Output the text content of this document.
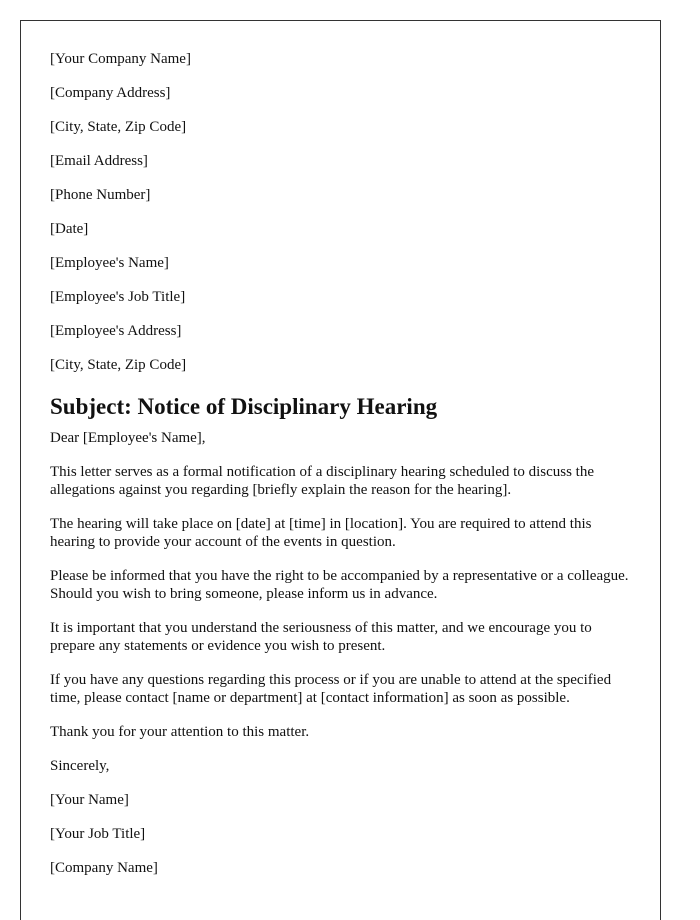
[Your Company Name]

[Company Address]

[City, State, Zip Code]

[Email Address]

[Phone Number]

[Date]

[Employee's Name]

[Employee's Job Title]

[Employee's Address]

[City, State, Zip Code]

Subject: Notice of Disciplinary Hearing

Dear [Employee's Name],

This letter serves as a formal notification of a disciplinary hearing scheduled to discuss the allegations against you regarding [briefly explain the reason for the hearing].

The hearing will take place on [date] at [time] in [location]. You are required to attend this hearing to provide your account of the events in question.

Please be informed that you have the right to be accompanied by a representative or a colleague. Should you wish to bring someone, please inform us in advance.

It is important that you understand the seriousness of this matter, and we encourage you to prepare any statements or evidence you wish to present.

If you have any questions regarding this process or if you are unable to attend at the specified time, please contact [name or department] at [contact information] as soon as possible.

Thank you for your attention to this matter.

Sincerely,

[Your Name]

[Your Job Title]

[Company Name]
